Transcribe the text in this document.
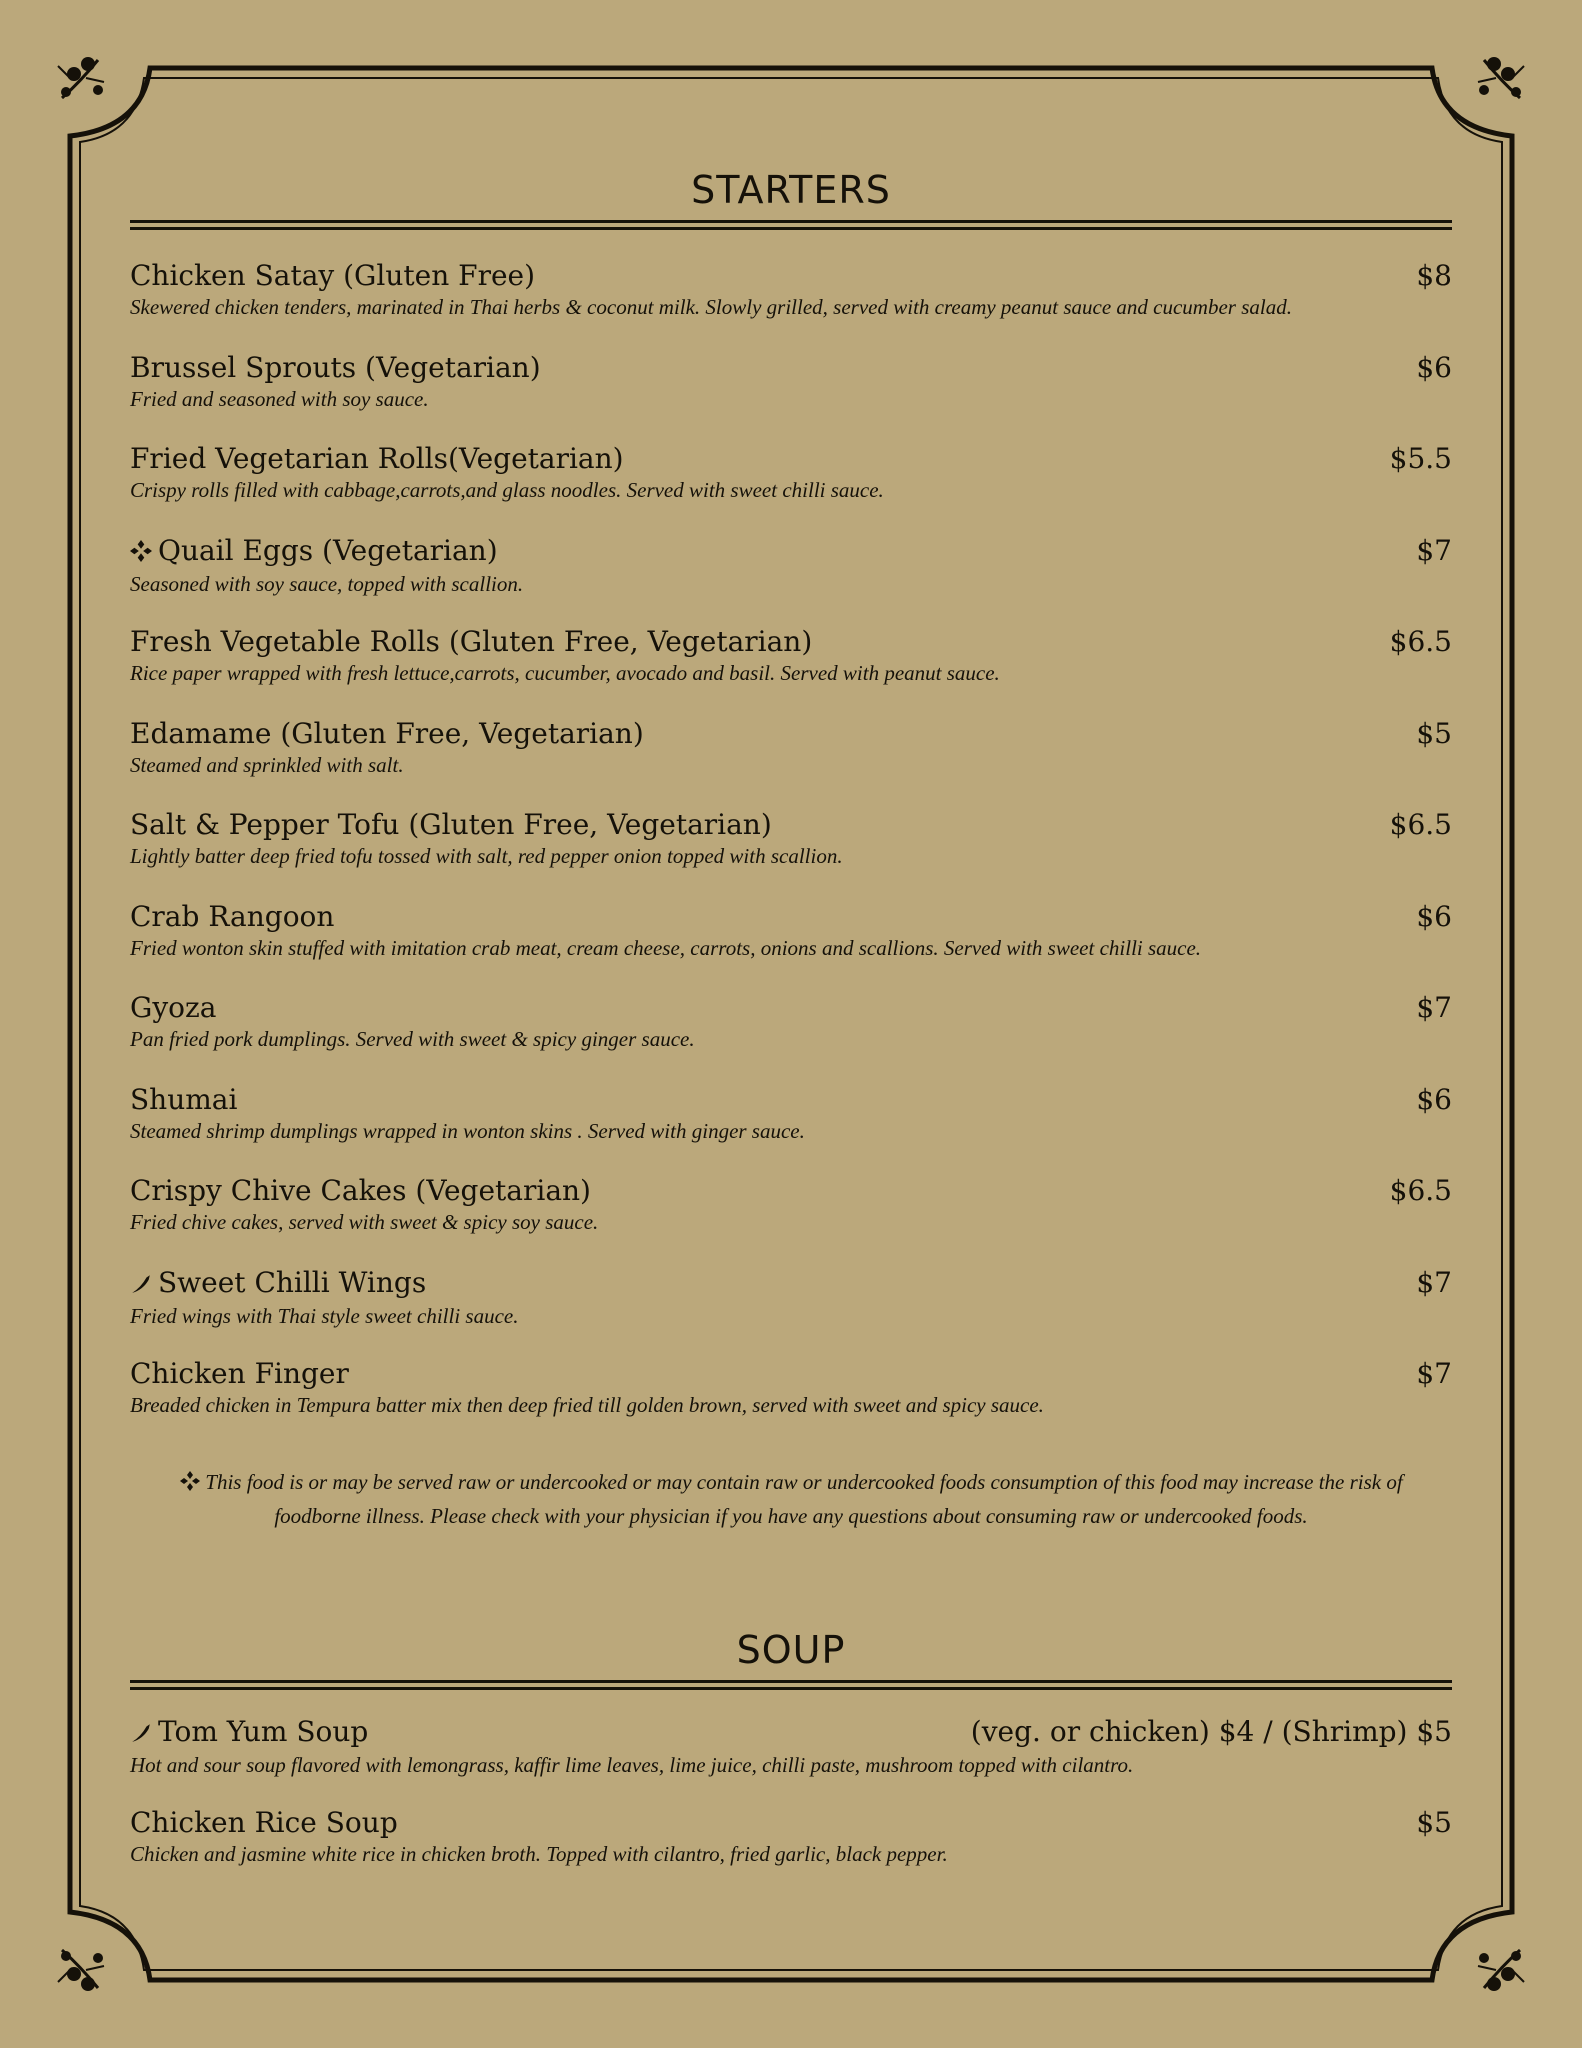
STARTERS
Chicken Satay (Gluten Free)	$8
Skewered chicken tenders, marinated in Thai herbs & coconut milk. Slowly grilled, served with creamy peanut sauce and cucumber salad.
Brussel Sprouts (Vegetarian)	$6
Fried and seasoned with soy sauce.
Fried Vegetarian Rolls(Vegetarian)	$5.5
Crispy rolls filled with cabbage,carrots,and glass noodles. Served with sweet chilli sauce.
Quail Eggs (Vegetarian)	$7
Seasoned with soy sauce, topped with scallion.
Fresh Vegetable Rolls (Gluten Free, Vegetarian)	$6.5
Rice paper wrapped with fresh lettuce,carrots, cucumber, avocado and basil. Served with peanut sauce.
Edamame (Gluten Free, Vegetarian)	$5
Steamed and sprinkled with salt.
Salt & Pepper Tofu (Gluten Free, Vegetarian)	$6.5
Lightly batter deep fried tofu tossed with salt, red pepper onion topped with scallion.
Crab Rangoon	$6
Fried wonton skin stuffed with imitation crab meat, cream cheese, carrots, onions and scallions. Served with sweet chilli sauce.
Gyoza	$7
Pan fried pork dumplings. Served with sweet & spicy ginger sauce.
Shumai	$6
Steamed shrimp dumplings wrapped in wonton skins . Served with ginger sauce.
Crispy Chive Cakes (Vegetarian)	$6.5
Fried chive cakes, served with sweet & spicy soy sauce.
Sweet Chilli Wings	$7
Fried wings with Thai style sweet chilli sauce.
Chicken Finger	$7
Breaded chicken in Tempura batter mix then deep fried till golden brown, served with sweet and spicy sauce.
This food is or may be served raw or undercooked or may contain raw or undercooked foods consumption of this food may increase the risk of
foodborne illness. Please check with your physician if you have any questions about consuming raw or undercooked foods.
SOUP
Tom Yum Soup	(veg. or chicken) $4 / (Shrimp) $5
Hot and sour soup flavored with lemongrass, kaffir lime leaves, lime juice, chilli paste, mushroom topped with cilantro.
Chicken Rice Soup	$5
Chicken and jasmine white rice in chicken broth. Topped with cilantro, fried garlic, black pepper.
